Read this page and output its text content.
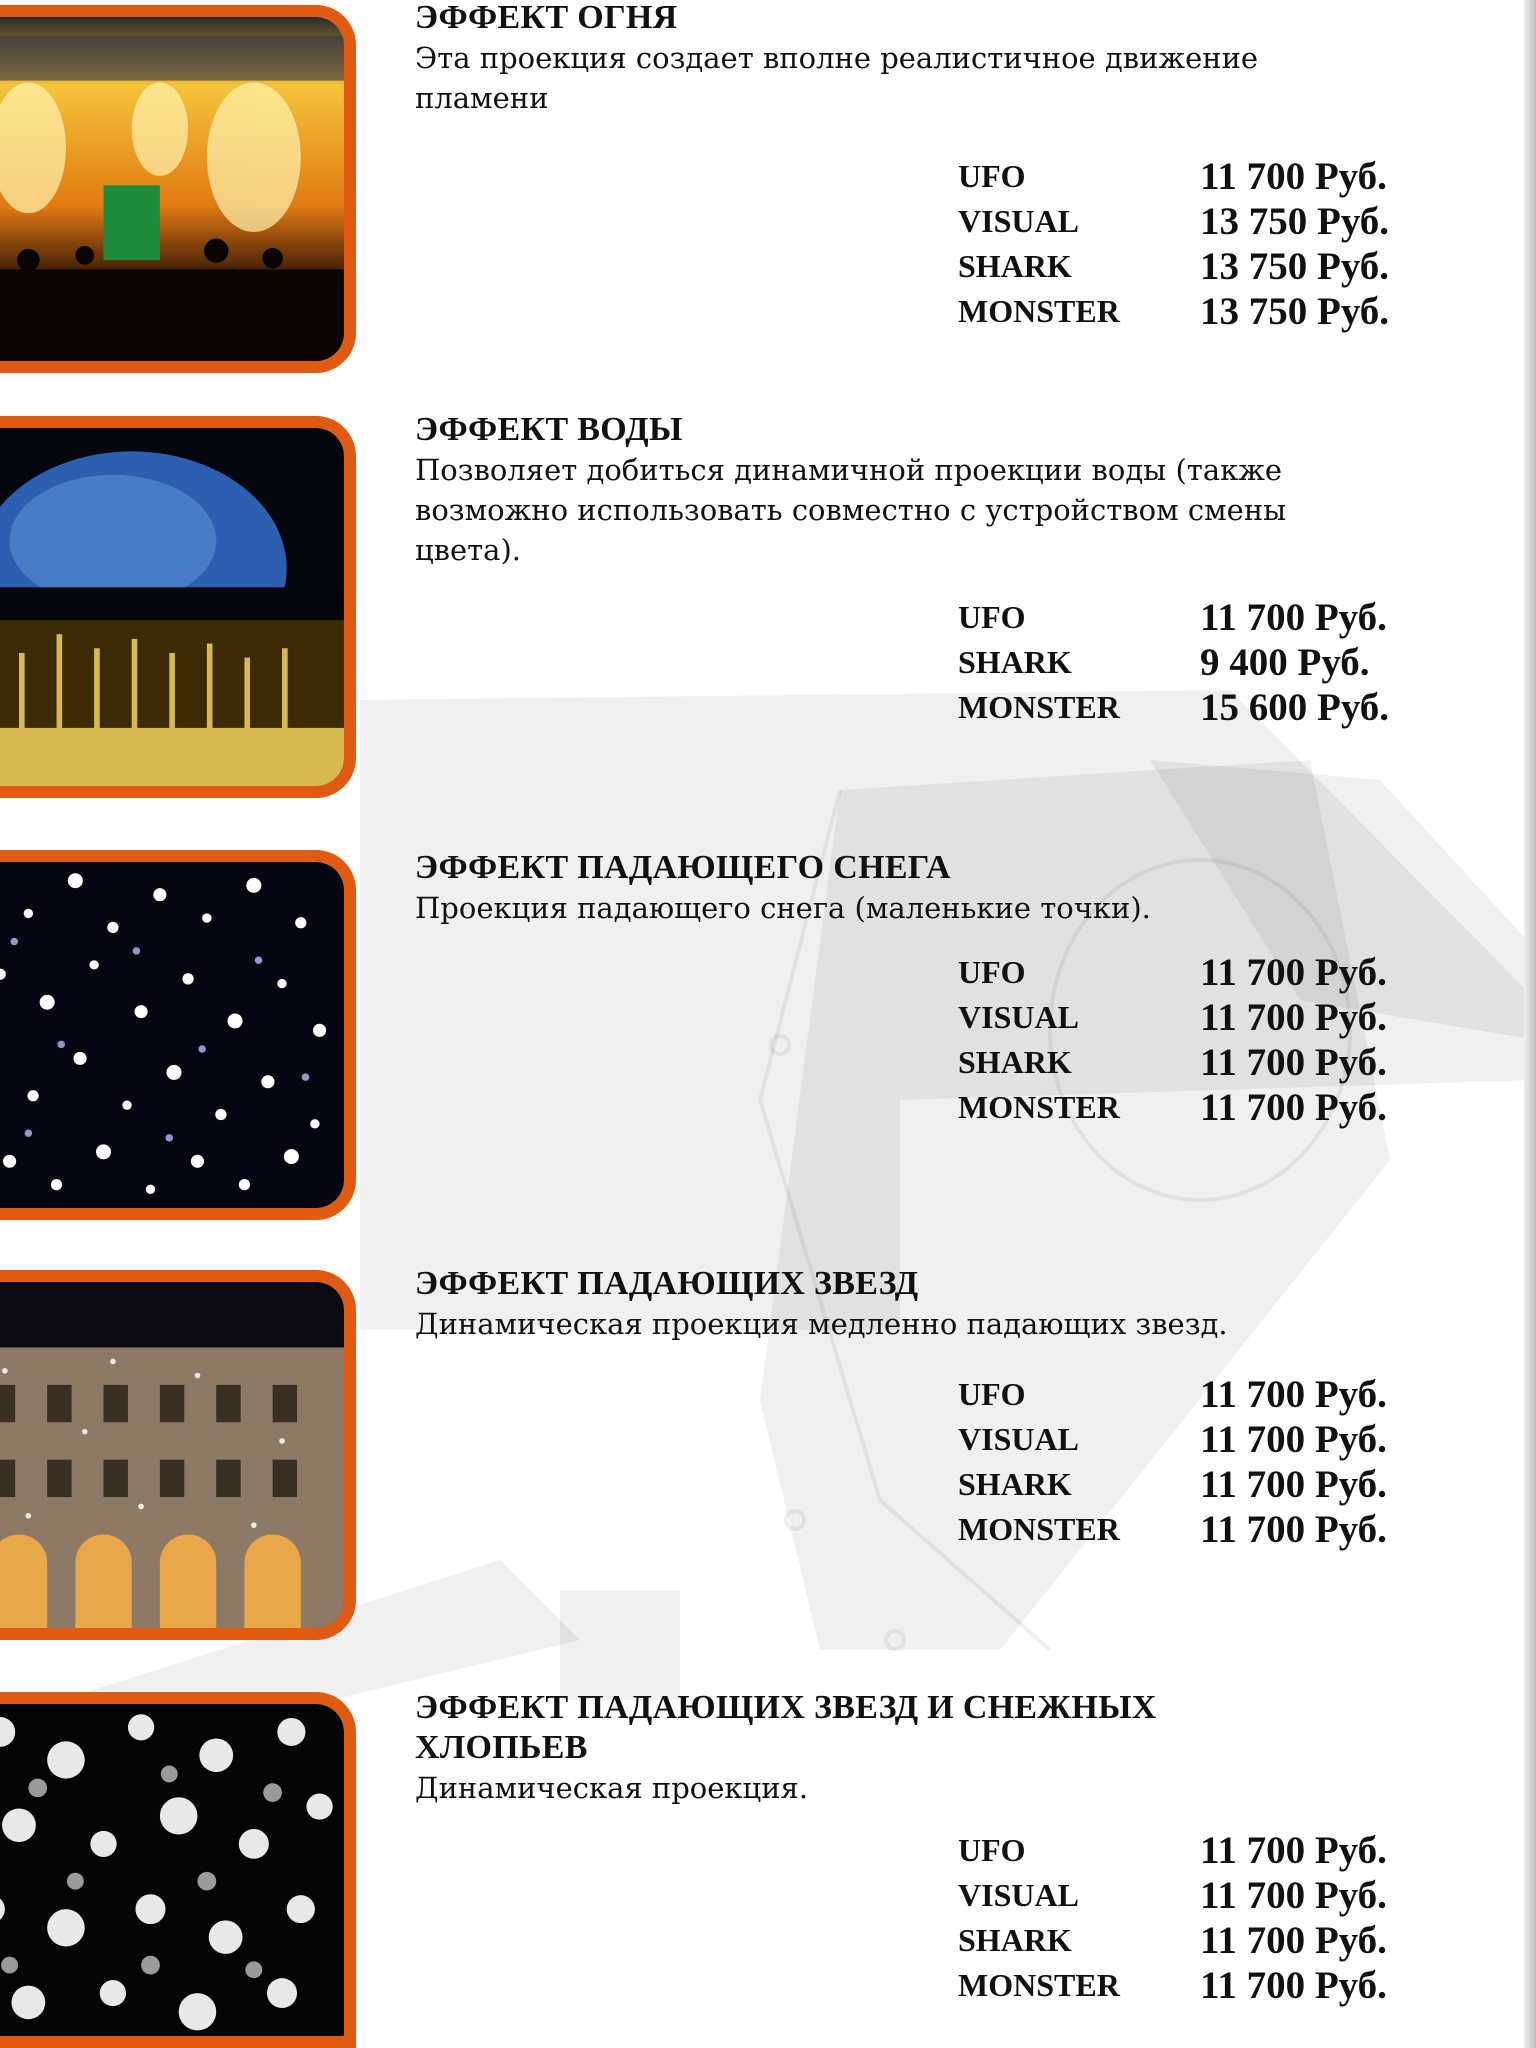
ЭФФЕКТ ОГНЯ

Эта проекция создает вполне реалистичное движение

пламени

UFO	11 700 Руб.
VISUAL	13 750 Руб.
SHARK	13 750 Руб.
MONSTER 13 750 Руб.
ЭФФЕКТ ВОДЫ

Позволяет добиться динамичной проекции воды (также

возможно использовать совместно с устройством смены

цвета).

UFO	11 700 Руб.
SHARK	9 400 Руб.
MONSTER 15 600 Руб.
ЭФФЕКТ ПАДАЮЩЕГО СНЕГА

Проекция падающего снега (маленькие точки).

UFO	11 700 Руб.
VISUAL	11 700 Руб.
SHARK	11 700 Руб.
MONSTER 11 700 Руб.
ЭФФЕКТ ПАДАЮЩИХ ЗВЕЗД

Динамическая проекция медленно падающих звезд.

UFO	11 700 Руб.
VISUAL	11 700 Руб.
SHARK	11 700 Руб.
MONSTER 11 700 Руб.
ЭФФЕКТ ПАДАЮЩИХ ЗВЕЗД И СНЕЖНЫХ
ХЛОПЬЕВ

Динамическая проекция.

UFO	11 700 Руб.
VISUAL	11 700 Руб.
SHARK	11 700 Руб.
MONSTER 11 700 Руб.
